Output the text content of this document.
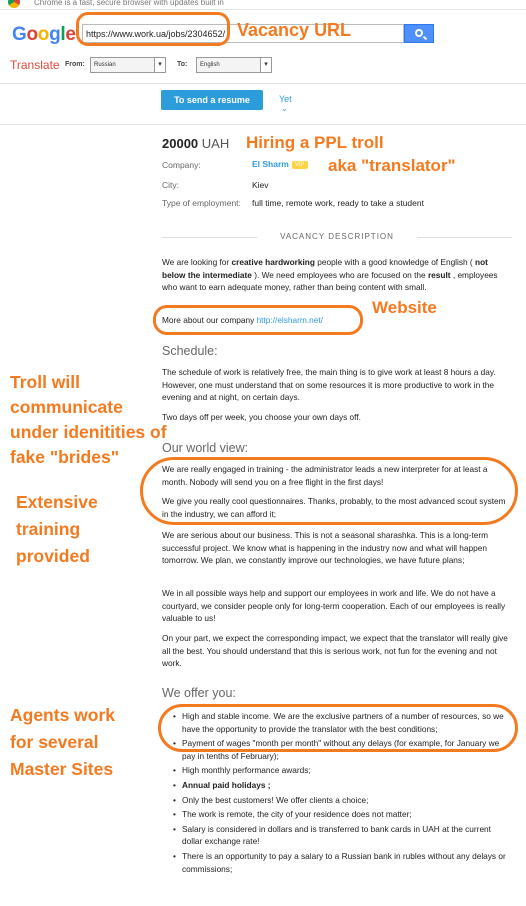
Chrome is a fast, secure browser with updates built in
Google	https://www.work.ua/jobs/2304652/
Translate From:	Russian	▾	To:	English	▾
To send a resume	Yet
⌄
20000 UAH
Company:	El Sharm VIP
City:	Kiev
Type of employment: full time, remote work, ready to take a student
VACANCY DESCRIPTION
We are looking for creative hardworking people with a good knowledge of English ( not below the intermediate ). We need employees who are focused on the result , employees who want to earn adequate money, rather than being content with small.
More about our company http://elsharm.net/
Schedule:
The schedule of work is relatively free, the main thing is to give work at least 8 hours a day. However, one must understand that on some resources it is more productive to work in the evening and at night, on certain days.
Two days off per week, you choose your own days off.
Our world view:
We are really engaged in training - the administrator leads a new interpreter for at least a month. Nobody will send you on a free flight in the first days!
We give you really cool questionnaires. Thanks, probably, to the most advanced scout system in the industry, we can afford it;
We are serious about our business. This is not a seasonal sharashka. This is a long-term successful project. We know what is happening in the industry now and what will happen tomorrow. We plan, we constantly improve our technologies, we have future plans;
We in all possible ways help and support our employees in work and life. We do not have a courtyard, we consider people only for long-term cooperation. Each of our employees is really valuable to us!
On your part, we expect the corresponding impact, we expect that the translator will really give all the best. You should understand that this is serious work, not fun for the evening and not work.
We offer you:
• High and stable income. We are the exclusive partners of a number of resources, so we have the opportunity to provide the translator with the best conditions;
• Payment of wages "month per month" without any delays (for example, for January we pay in tenths of February);
• High monthly performance awards;
• Annual paid holidays ;
• Only the best customers! We offer clients a choice;
• The work is remote, the city of your residence does not matter;
• Salary is considered in dollars and is transferred to bank cards in UAH at the current dollar exchange rate!
• There is an opportunity to pay a salary to a Russian bank in rubles without any delays or commissions;
Vacancy URL
Hiring a PPL troll
aka "translator"
Website
Troll will
communicate
under idenitities of
fake "brides"
Extensive
training
provided
Agents work
for several
Master Sites
